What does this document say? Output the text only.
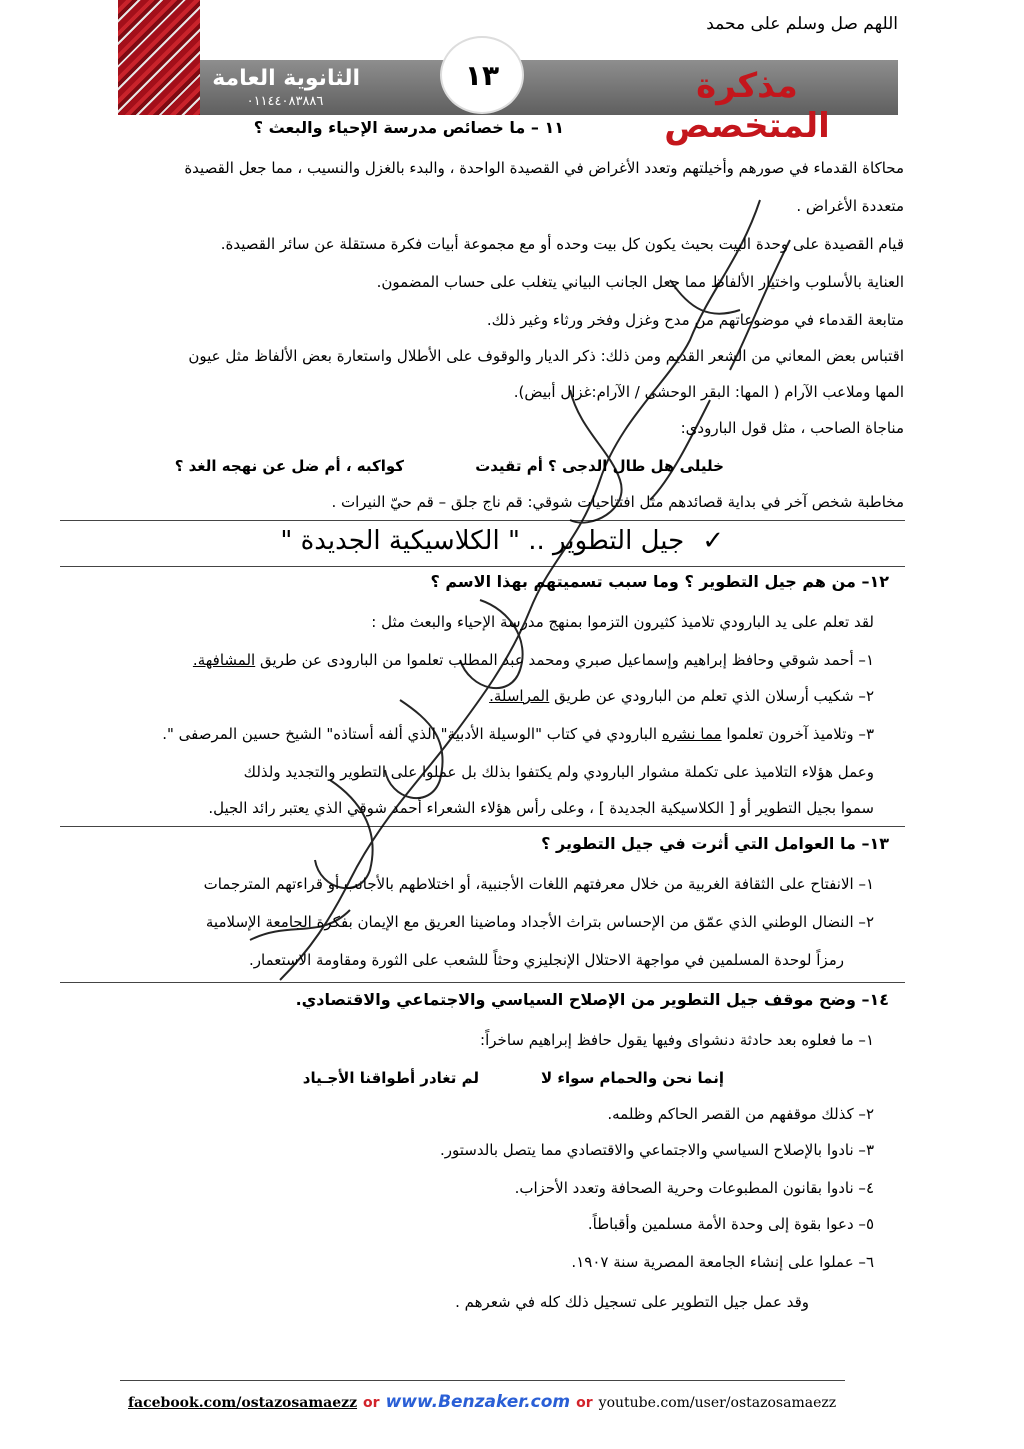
اللهم صل وسلم على محمد
الثانوية العامة
٠١١٤٤٠٨٣٨٨٦	مذكرة المتخصص
١٣
١١ – ما خصائص مدرسة الإحياء والبعث ؟
محاكاة القدماء في صورهم وأخيلتهم وتعدد الأغراض في القصيدة الواحدة ، والبدء بالغزل والنسيب ، مما جعل القصيدة
متعددة الأغراض .
قيام القصيدة على وحدة البيت بحيث يكون كل بيت وحده أو مع مجموعة أبيات فكرة مستقلة عن سائر القصيدة.
العناية بالأسلوب واختيار الألفاظ مما جعل الجانب البياني يتغلب على حساب المضمون.
متابعة القدماء في موضوعاتهم من مدح وغزل وفخر ورثاء وغير ذلك.
اقتباس بعض المعاني من الشعر القديم ومن ذلك: ذكر الديار والوقوف على الأطلال واستعارة بعض الألفاظ مثل عيون
المها وملاعب الآرام ( المها: البقر الوحشى / الآرام:غزال أبيض).
مناجاة الصاحب ، مثل قول البارودى:
خليلى هل طال الدجى ؟ أم تقيدت
كواكبه ، أم ضل عن نهجه الغد ؟
مخاطبة شخص آخر في بداية قصائدهم مثل افتتاحيات شوقي: قم ناج جلق – قم حيّ النيرات .
✓
جيل التطوير .. " الكلاسيكية الجديدة "
١٢– من هم جيل التطوير ؟ وما سبب تسميتهم بهذا الاسم ؟
لقد تعلم على يد البارودي تلاميذ كثيرون التزموا بمنهج مدرسة الإحياء والبعث مثل :
١– أحمد شوقي وحافظ إبراهيم وإسماعيل صبري ومحمد عبد المطلب تعلموا من البارودى عن طريق المشافهة.
٢– شكيب أرسلان الذي تعلم من البارودي عن طريق المراسلة.
٣– وتلاميذ آخرون تعلموا مما نشره البارودي في كتاب "الوسيلة الأدبية" الذي ألفه أستاذه" الشيخ حسين المرصفى ".
وعمل هؤلاء التلاميذ على تكملة مشوار البارودي ولم يكتفوا بذلك بل عملوا على التطوير والتجديد ولذلك
سموا بجيل التطوير أو [ الكلاسيكية الجديدة ] ، وعلى رأس هؤلاء الشعراء أحمد شوقي الذي يعتبر رائد الجيل.
١٣– ما العوامل التي أثرت في جيل التطوير ؟
١– الانفتاح على الثقافة الغربية من خلال معرفتهم اللغات الأجنبية، أو اختلاطهم بالأجانب أو قراءتهم المترجمات
٢– النضال الوطني الذي عمّق من الإحساس بتراث الأجداد وماضينا العريق مع الإيمان بفكرة الجامعة الإسلامية
رمزاً لوحدة المسلمين في مواجهة الاحتلال الإنجليزي وحثاً للشعب على الثورة ومقاومة الاستعمار.
١٤– وضح موقف جيل التطوير من الإصلاح السياسي والاجتماعي والاقتصادي.
١– ما فعلوه بعد حادثة دنشواى وفيها يقول حافظ إبراهيم ساخراً:
إنما نحن والحمام سواء لا
لم تغادر أطواقنا الأجـياد
٢– كذلك موقفهم من القصر الحاكم وظلمه.
٣– نادوا بالإصلاح السياسي والاجتماعي والاقتصادي مما يتصل بالدستور.
٤– نادوا بقانون المطبوعات وحرية الصحافة وتعدد الأحزاب.
٥– دعوا بقوة إلى وحدة الأمة مسلمين وأقباطاً.
٦– عملوا على إنشاء الجامعة المصرية سنة ١٩٠٧.
وقد عمل جيل التطوير على تسجيل ذلك كله في شعرهم .
facebook.com/ostazosamaezz or www.Benzaker.com or youtube.com/user/ostazosamaezz
